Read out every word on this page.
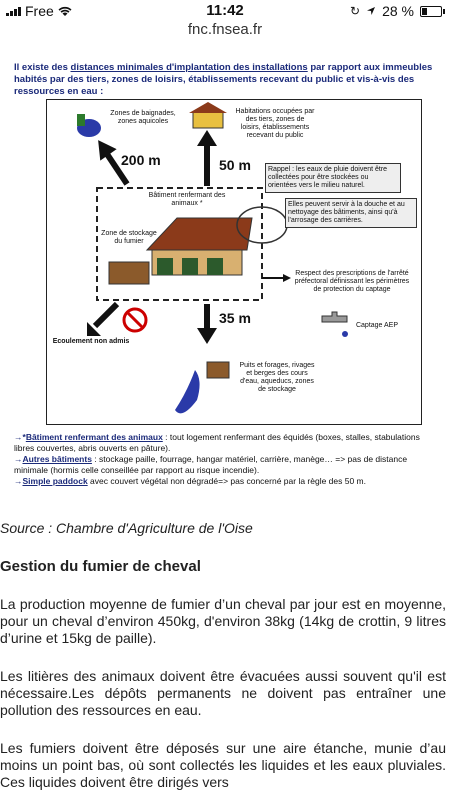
Free	11:42	↻ 28 %
fnc.fnsea.fr
Il existe des distances minimales d'implantation des installations par rapport aux immeubles habités par des tiers, zones de loisirs, établissements recevant du public et vis-à-vis des ressources en eau :
Zones de baignades, zones aquicoles
Habitations occupées par des tiers, zones de loisirs, établissements recevant du public
200 m	50 m	Rappel : les eaux de pluie doivent être collectées pour être stockées ou orientées vers le milieu naturel.
Elles peuvent servir à la douche et au nettoyage des bâtiments, ainsi qu'à l'arrosage des carrières.
Bâtiment renfermant des animaux *
Zone de stockage du fumier
Respect des prescriptions de l'arrêté préfectoral définissant les périmètres de protection du captage
35 m
Ecoulement non admis
Captage AEP
Puits et forages, rivages et berges des cours d'eau, aqueducs, zones de stockage
→*Bâtiment renfermant des animaux : tout logement renfermant des équidés (boxes, stalles, stabulations libres couvertes, abris ouverts en pâture).
→Autres bâtiments : stockage paille, fourrage, hangar matériel, carrière, manège… => pas de distance minimale (hormis celle conseillée par rapport au risque incendie).
→Simple paddock avec couvert végétal non dégradé=> pas concerné par la règle des 50 m.
Source : Chambre d'Agriculture de l'Oise
Gestion du fumier de cheval
La production moyenne de fumier d’un cheval par jour est en moyenne, pour un cheval d’environ 450kg, d'environ 38kg (14kg de crottin, 9 litres d’urine et 15kg de paille).
Les litières des animaux doivent être évacuées aussi souvent qu'il est nécessaire.Les dépôts permanents ne doivent pas entraîner une pollution des ressources en eau.
Les fumiers doivent être déposés sur une aire étanche, munie d’au moins un point bas, où sont collectés les liquides et les eaux pluviales. Ces liquides doivent être dirigés vers
